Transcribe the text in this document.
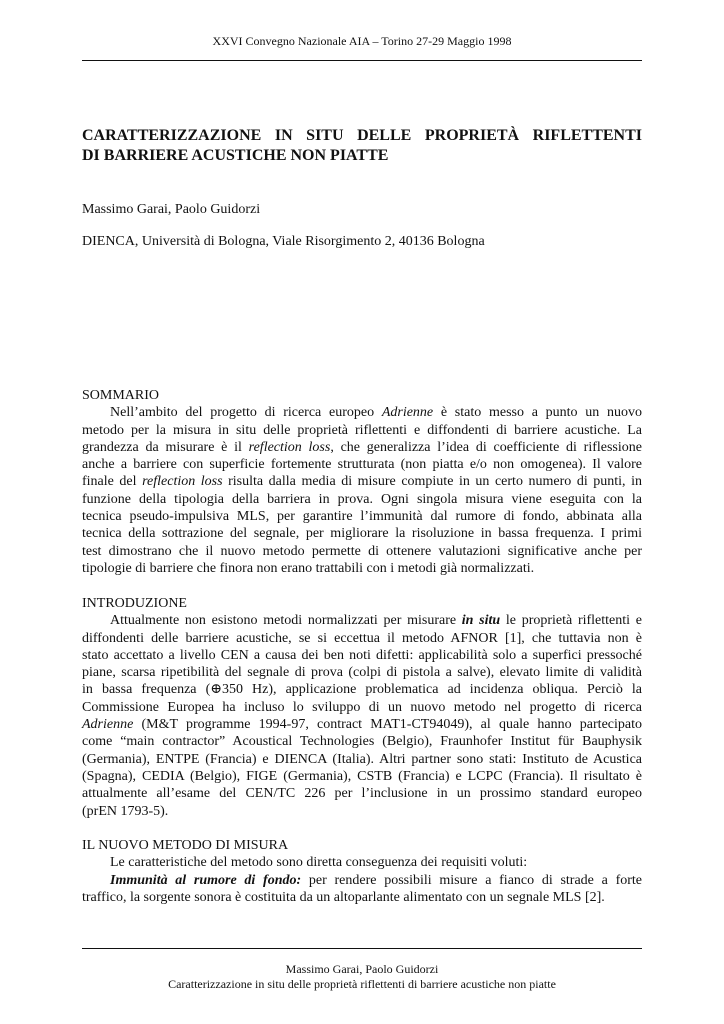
XXVI Convegno Nazionale AIA – Torino 27-29 Maggio 1998
CARATTERIZZAZIONE IN SITU DELLE PROPRIETÀ RIFLETTENTI
DI BARRIERE ACUSTICHE NON PIATTE
Massimo Garai, Paolo Guidorzi
DIENCA, Università di Bologna, Viale Risorgimento 2, 40136 Bologna
SOMMARIO
Nell’ambito del progetto di ricerca europeo Adrienne è stato messo a punto un nuovo
metodo per la misura in situ delle proprietà riflettenti e diffondenti di barriere acustiche. La
grandezza da misurare è il reflection loss, che generalizza l’idea di coefficiente di riflessione
anche a barriere con superficie fortemente strutturata (non piatta e/o non omogenea). Il valore
finale del reflection loss risulta dalla media di misure compiute in un certo numero di punti, in
funzione della tipologia della barriera in prova. Ogni singola misura viene eseguita con la
tecnica pseudo-impulsiva MLS, per garantire l’immunità dal rumore di fondo, abbinata alla
tecnica della sottrazione del segnale, per migliorare la risoluzione in bassa frequenza. I primi
test dimostrano che il nuovo metodo permette di ottenere valutazioni significative anche per
tipologie di barriere che finora non erano trattabili con i metodi già normalizzati.
INTRODUZIONE
Attualmente non esistono metodi normalizzati per misurare in situ le proprietà riflettenti e
diffondenti delle barriere acustiche, se si eccettua il metodo AFNOR [1], che tuttavia non è
stato accettato a livello CEN a causa dei ben noti difetti: applicabilità solo a superfici pressoché
piane, scarsa ripetibilità del segnale di prova (colpi di pistola a salve), elevato limite di validità
in bassa frequenza (⊕350 Hz), applicazione problematica ad incidenza obliqua. Perciò la
Commissione Europea ha incluso lo sviluppo di un nuovo metodo nel progetto di ricerca
Adrienne (M&T programme 1994-97, contract MAT1-CT94049), al quale hanno partecipato
come “main contractor” Acoustical Technologies (Belgio), Fraunhofer Institut für Bauphysik
(Germania), ENTPE (Francia) e DIENCA (Italia). Altri partner sono stati: Instituto de Acustica
(Spagna), CEDIA (Belgio), FIGE (Germania), CSTB (Francia) e LCPC (Francia). Il risultato è
attualmente all’esame del CEN/TC 226 per l’inclusione in un prossimo standard europeo
(prEN 1793-5).
IL NUOVO METODO DI MISURA
Le caratteristiche del metodo sono diretta conseguenza dei requisiti voluti:
Immunità al rumore di fondo: per rendere possibili misure a fianco di strade a forte
traffico, la sorgente sonora è costituita da un altoparlante alimentato con un segnale MLS [2].
Massimo Garai, Paolo Guidorzi
Caratterizzazione in situ delle proprietà riflettenti di barriere acustiche non piatte
